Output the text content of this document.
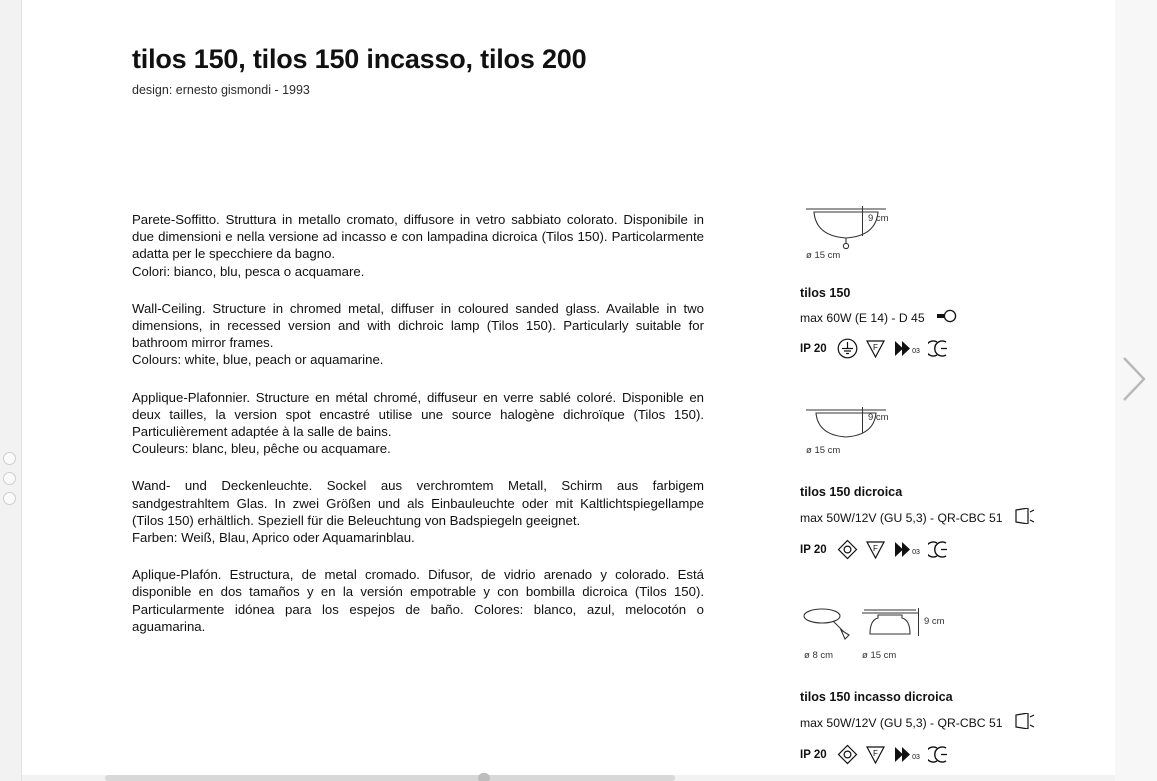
tilos 150, tilos 150 incasso, tilos 200
design: ernesto gismondi - 1993

Parete-Soffitto. Struttura in metallo cromato, diffusore in vetro sabbiato colorato. Disponibile in due dimensioni e nella versione ad incasso e con lampadina dicroica (Tilos 150). Particolarmente adatta per le specchiere da bagno.
Colori: bianco, blu, pesca o acquamare.

Wall-Ceiling. Structure in chromed metal, diffuser in coloured sanded glass. Available in two dimensions, in recessed version and with dichroic lamp (Tilos 150). Particularly suitable for bathroom mirror frames.
Colours: white, blue, peach or aquamarine.

Applique-Plafonnier. Structure en métal chromé, diffuseur en verre sablé coloré. Disponible en deux tailles, la version spot encastré utilise une source halogène dichroïque (Tilos 150). Particulièrement adaptée à la salle de bains.
Couleurs: blanc, bleu, pêche ou acquamare.

Wand- und Deckenleuchte. Sockel aus verchromtem Metall, Schirm aus farbigem sandgestrahltem Glas. In zwei Größen und als Einbauleuchte oder mit Kaltlichtspiegellampe (Tilos 150) erhältlich. Speziell für die Beleuchtung von Badspiegeln geeignet.
Farben: Weiß, Blau, Aprico oder Aquamarinblau.

Aplique-Plafón. Estructura, de metal cromado. Difusor, de vidrio arenado y colorado. Está disponible en dos tamaños y en la versión empotrable y con bombilla dicroica (Tilos 150). Particularmente idónea para los espejos de baño. Colores: blanco, azul, melocotón o aguamarina.

9 cm
ø 15 cm
tilos 150
max 60W (E 14) - D 45
IP 20	F	03
9 cm
ø 15 cm
tilos 150 dicroica
max 50W/12V (GU 5,3) - QR-CBC 51
IP 20	F	03
9 cm
ø 8 cm	ø 15 cm
tilos 150 incasso dicroica
max 50W/12V (GU 5,3) - QR-CBC 51
IP 20	F	03
